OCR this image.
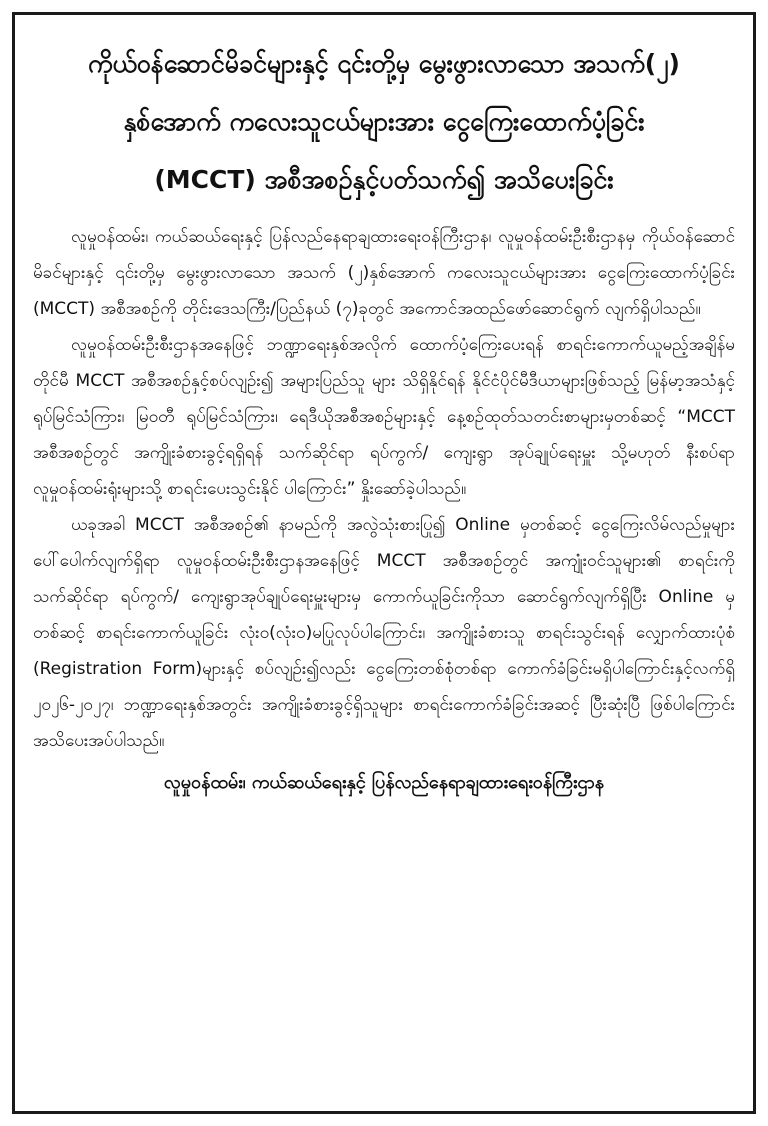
ကိုယ်ဝန်ဆောင်မိခင်များနှင့် ၎င်းတို့မှ မွေးဖွားလာသော အသက်(၂)
နှစ်အောက် ကလေးသူငယ်များအား ငွေကြေးထောက်ပံ့ခြင်း
(MCCT) အစီအစဉ်နှင့်ပတ်သက်၍ အသိပေးခြင်း

လူမှုဝန်ထမ်း၊ ကယ်ဆယ်ရေးနှင့် ပြန်လည်နေရာချထားရေးဝန်ကြီးဌာန၊ လူမှုဝန်ထမ်းဦးစီးဌာနမှ ကိုယ်ဝန်ဆောင်မိခင်များနှင့် ၎င်းတို့မှ မွေးဖွားလာသော အသက် (၂)နှစ်အောက် ကလေးသူငယ်များအား ငွေကြေးထောက်ပံ့ခြင်း (MCCT) အစီအစဉ်ကို တိုင်းဒေသကြီး/ပြည်နယ် (၇)ခုတွင် အကောင်အထည်ဖော်ဆောင်ရွက် လျက်ရှိပါသည်။

လူမှုဝန်ထမ်းဦးစီးဌာနအနေဖြင့် ဘဏ္ဍာရေးနှစ်အလိုက် ထောက်ပံ့ကြေးပေးရန် စာရင်းကောက်ယူမည့်အချိန်မတိုင်မီ MCCT အစီအစဉ်နှင့်စပ်လျဉ်း၍ အများပြည်သူ များ သိရှိနိုင်ရန် နိုင်ငံပိုင်မီဒီယာများဖြစ်သည့် မြန်မာ့အသံနှင့် ရုပ်မြင်သံကြား၊ မြဝတီ ရုပ်မြင်သံကြား၊ ရေဒီယိုအစီအစဉ်များနှင့် နေ့စဉ်ထုတ်သတင်းစာများမှတစ်ဆင့် “MCCT အစီအစဉ်တွင် အကျိုးခံစားခွင့်ရရှိရန် သက်ဆိုင်ရာ ရပ်ကွက်/ ကျေးရွာ အုပ်ချုပ်ရေးမှူး သို့မဟုတ် နီးစပ်ရာလူမှုဝန်ထမ်းရုံးများသို့ စာရင်းပေးသွင်းနိုင် ပါကြောင်း” နှိုးဆော်ခဲ့ပါသည်။

ယခုအခါ MCCT အစီအစဉ်၏ နာမည်ကို အလွဲသုံးစားပြု၍ Online မှတစ်ဆင့် ငွေကြေးလိမ်လည်မှုများ ပေါ်ပေါက်လျက်ရှိရာ လူမှုဝန်ထမ်းဦးစီးဌာနအနေဖြင့် MCCT အစီအစဉ်တွင် အကျုံးဝင်သူများ၏ စာရင်းကို သက်ဆိုင်ရာ ရပ်ကွက်/ ကျေးရွာအုပ်ချုပ်ရေးမှူးများမှ ကောက်ယူခြင်းကိုသာ ဆောင်ရွက်လျက်ရှိပြီး Online မှတစ်ဆင့် စာရင်းကောက်ယူခြင်း လုံးဝ(လုံးဝ)မပြုလုပ်ပါကြောင်း၊ အကျိုးခံစားသူ စာရင်းသွင်းရန် လျှောက်ထားပုံစံ (Registration Form)များနှင့် စပ်လျဉ်း၍လည်း ငွေကြေးတစ်စုံတစ်ရာ ကောက်ခံခြင်းမရှိပါကြောင်းနှင့်လက်ရှိ ၂၀၂၆-၂၀၂၇၊ ဘဏ္ဍာရေးနှစ်အတွင်း အကျိုးခံစားခွင့်ရှိသူများ စာရင်းကောက်ခံခြင်းအဆင့် ပြီးဆုံးပြီ ဖြစ်ပါကြောင်း အသိပေးအပ်ပါသည်။

လူမှုဝန်ထမ်း၊ ကယ်ဆယ်ရေးနှင့် ပြန်လည်နေရာချထားရေးဝန်ကြီးဌာန
